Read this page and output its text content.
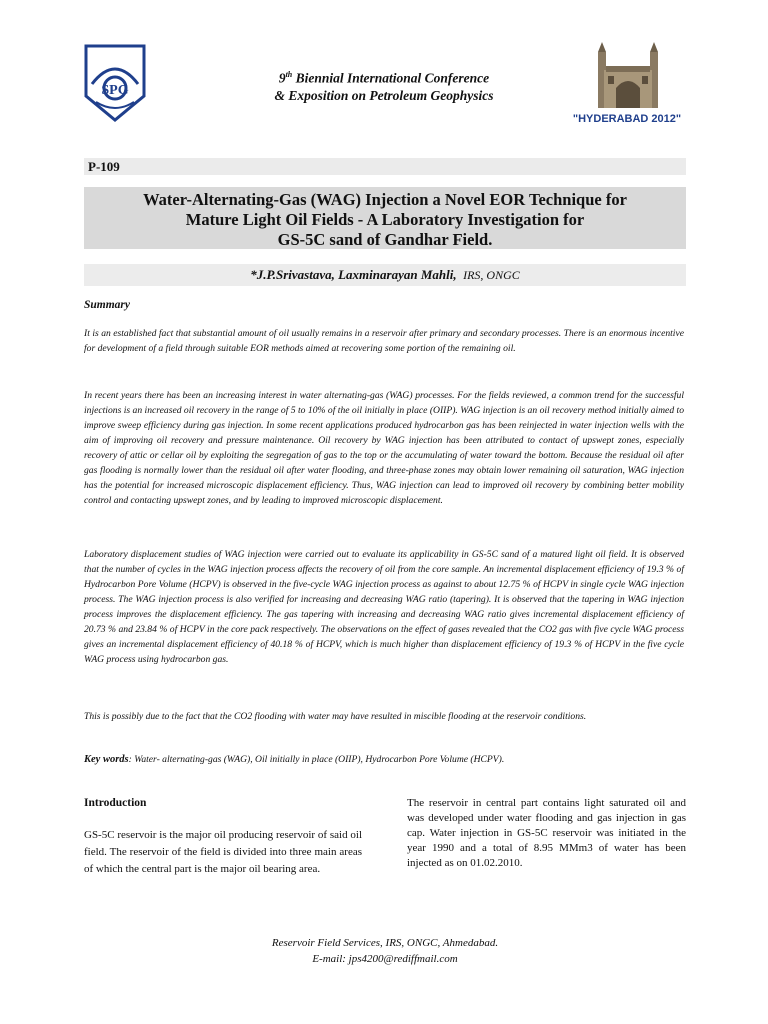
SPG
9th Biennial International Conference
& Exposition on Petroleum Geophysics
"HYDERABAD 2012"
P-109
Water-Alternating-Gas (WAG) Injection a Novel EOR Technique for
Mature Light Oil Fields - A Laboratory Investigation for
GS-5C sand of Gandhar Field.
*J.P.Srivastava, Laxminarayan Mahli, IRS, ONGC
Summary
It is an established fact that substantial amount of oil usually remains in a reservoir after primary and secondary processes. There is an enormous incentive for development of a field through suitable EOR methods aimed at recovering some portion of the remaining oil.
In recent years there has been an increasing interest in water alternating-gas (WAG) processes. For the fields reviewed, a common trend for the successful injections is an increased oil recovery in the range of 5 to 10% of the oil initially in place (OIIP). WAG injection is an oil recovery method initially aimed to improve sweep efficiency during gas injection. In some recent applications produced hydrocarbon gas has been reinjected in water injection wells with the aim of improving oil recovery and pressure maintenance. Oil recovery by WAG injection has been attributed to contact of upswept zones, especially recovery of attic or cellar oil by exploiting the segregation of gas to the top or the accumulating of water toward the bottom. Because the residual oil after gas flooding is normally lower than the residual oil after water flooding, and three-phase zones may obtain lower remaining oil saturation, WAG injection has the potential for increased microscopic displacement efficiency. Thus, WAG injection can lead to improved oil recovery by combining better mobility control and contacting upswept zones, and by leading to improved microscopic displacement.
Laboratory displacement studies of WAG injection were carried out to evaluate its applicability in GS-5C sand of a matured light oil field. It is observed that the number of cycles in the WAG injection process affects the recovery of oil from the core sample. An incremental displacement efficiency of 19.3 % of Hydrocarbon Pore Volume (HCPV) is observed in the five-cycle WAG injection process as against to about 12.75 % of HCPV in single cycle WAG injection process. The WAG injection process is also verified for increasing and decreasing WAG ratio (tapering). It is observed that the tapering in WAG injection process improves the displacement efficiency. The gas tapering with increasing and decreasing WAG ratio gives incremental displacement efficiency of 20.73 % and 23.84 % of HCPV in the core pack respectively. The observations on the effect of gases revealed that the CO2 gas with five cycle WAG process gives an incremental displacement efficiency of 40.18 % of HCPV, which is much higher than displacement efficiency of 19.3 % of HCPV in the five cycle WAG process using hydrocarbon gas.
This is possibly due to the fact that the CO2 flooding with water may have resulted in miscible flooding at the reservoir conditions.
Key words: Water- alternating-gas (WAG), Oil initially in place (OIIP), Hydrocarbon Pore Volume (HCPV).
Introduction
GS-5C reservoir is the major oil producing reservoir of said oil field. The reservoir of the field is divided into three main areas of which the central part is the major oil bearing area.
The reservoir in central part contains light saturated oil and was developed under water flooding and gas injection in gas cap. Water injection in GS-5C reservoir was initiated in the year 1990 and a total of 8.95 MMm3 of water has been injected as on 01.02.2010.
Reservoir Field Services, IRS, ONGC, Ahmedabad.
E-mail: jps4200@rediffmail.com
